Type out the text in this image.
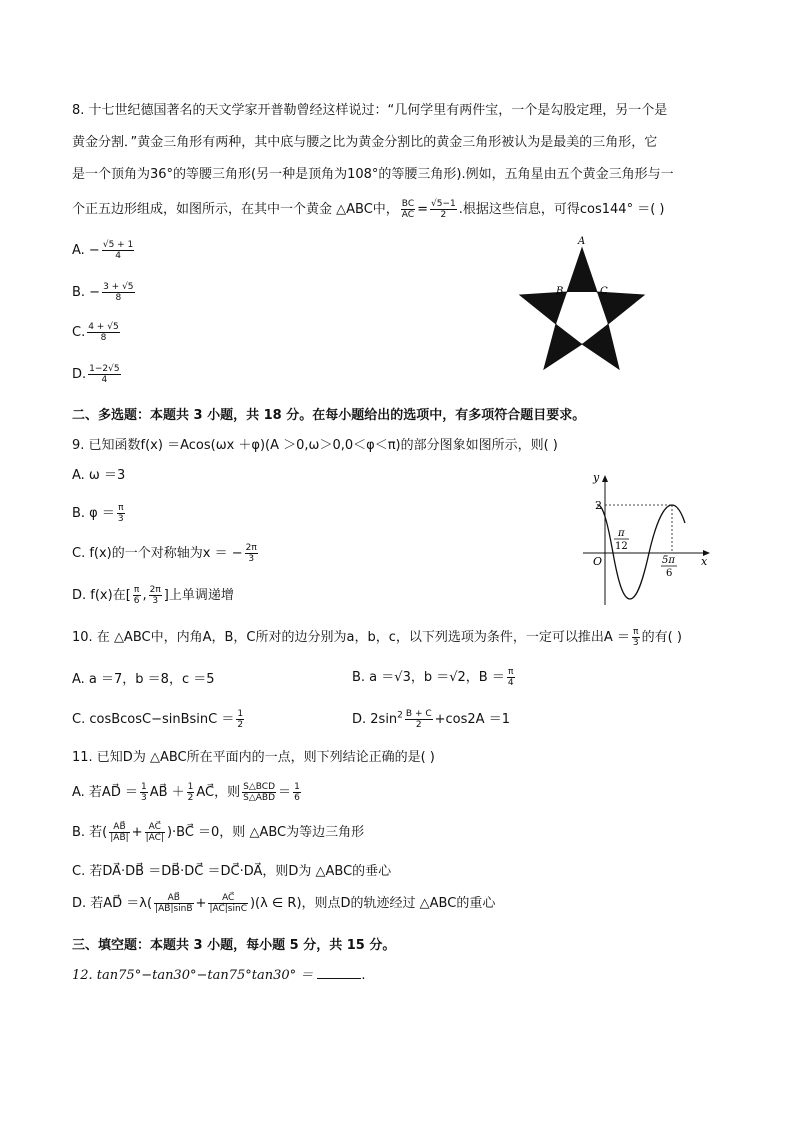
8. 十七世纪德国著名的天文学家开普勒曾经这样说过：“几何学里有两件宝，一个是勾股定理，另一个是
黄金分割．”黄金三角形有两种，其中底与腰之比为黄金分割比的黄金三角形被认为是最美的三角形，它
是一个顶角为36°的等腰三角形(另一种是顶角为108°的等腰三角形).例如，五角星由五个黄金三角形与一
个正五边形组成，如图所示，在其中一个黄金 △ABC中， $\frac{BC}{AC} = \frac{√5-1}{2}$ .根据这些信息，可得cos144° ＝( )
A. − $\frac{√5 + 1}{4}$
B. − $\frac{3 + √5}{8}$
C. $\frac{4 + √5}{8}$
D. $\frac{1-2√5}{4}$
A
B	C
二、多选题：本题共 3 小题，共 18 分。在每小题给出的选项中，有多项符合题目要求。
9. 已知函数f(x) ＝Acos(ωx ＋φ)(A ＞0,ω＞0,0＜φ＜π)的部分图象如图所示，则( )
A. ω ＝3
B. $\varphi = \frac{\pi}{3}$
C. f(x)的一个对称轴为x ＝ − $\frac{2\pi}{3}$
D. f(x)在[ $\frac{\pi}{6}$ , $\frac{2\pi}{3}$ ]上单调递增
y
x
O
2
π
12
5π
6
10. 在 △ABC中，内角A，B，C所对的边分别为a，b，c，以下列选项为条件，一定可以推出$A = \frac{\pi}{3}$ 的有( )
A. a ＝7，b ＝8，c ＝5	B. a ＝√3，b ＝√2，$B = \frac{\pi}{4}$
C. cosBcosC−sinBsinC ＝ $\frac{1}{2}$	D. $2\sin^2 \frac{B + C}{2} +\cos 2A =1$
11. 已知D为 △ABC所在平面内的一点，则下列结论正确的是( )
A. 若AD⃗ ＝ $\frac{1}{3}$ AB⃗ ＋ $\frac{1}{2}$ AC⃗，则 $\frac{\text{S△BCD}}{\text{S△ABD}} = \frac{1}{6}$
B. 若( $\frac{AB⃗}{|AB⃗|} + \frac{AC⃗}{|AC⃗|}$ )·BC⃗ ＝0，则 △ABC为等边三角形
C. 若DA⃗·DB⃗ ＝DB⃗·DC⃗ ＝DC⃗·DA⃗，则D为 △ABC的垂心
D. 若AD⃗ $=\lambda( \frac{AB⃗}{|AB⃗|\sin B} + \frac{AC⃗}{|AC⃗|\sin C} )(\lambda$ ∈ R)，则点D的轨迹经过 △ABC的重心
三、填空题：本题共 3 小题，每小题 5 分，共 15 分。
12. tan75°−tan30°−tan75°tan30° ＝	.
